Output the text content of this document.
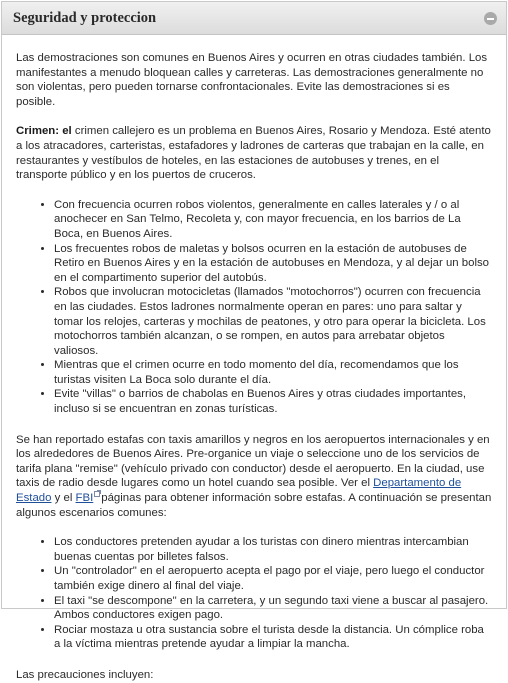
Seguridad y proteccion

Las demostraciones son comunes en Buenos Aires y ocurren en otras ciudades también. Los manifestantes a menudo bloquean calles y carreteras. Las demostraciones generalmente no son violentas, pero pueden tornarse confrontacionales. Evite las demostraciones si es posible.

Crimen: el crimen callejero es un problema en Buenos Aires, Rosario y Mendoza. Esté atento a los atracadores, carteristas, estafadores y ladrones de carteras que trabajan en la calle, en restaurantes y vestíbulos de hoteles, en las estaciones de autobuses y trenes, en el transporte público y en los puertos de cruceros.

• Con frecuencia ocurren robos violentos, generalmente en calles laterales y / o al anochecer en San Telmo, Recoleta y, con mayor frecuencia, en los barrios de La Boca, en Buenos Aires.
• Los frecuentes robos de maletas y bolsos ocurren en la estación de autobuses de Retiro en Buenos Aires y en la estación de autobuses en Mendoza, y al dejar un bolso en el compartimento superior del autobús.
• Robos que involucran motocicletas (llamados "motochorros") ocurren con frecuencia en las ciudades. Estos ladrones normalmente operan en pares: uno para saltar y tomar los relojes, carteras y mochilas de peatones, y otro para operar la bicicleta. Los motochorros también alcanzan, o se rompen, en autos para arrebatar objetos valiosos.
• Mientras que el crimen ocurre en todo momento del día, recomendamos que los turistas visiten La Boca solo durante el día.
• Evite "villas" o barrios de chabolas en Buenos Aires y otras ciudades importantes, incluso si se encuentran en zonas turísticas.

Se han reportado estafas con taxis amarillos y negros en los aeropuertos internacionales y en los alrededores de Buenos Aires. Pre-organice un viaje o seleccione uno de los servicios de tarifa plana "remise" (vehículo privado con conductor) desde el aeropuerto. En la ciudad, use taxis de radio desde lugares como un hotel cuando sea posible. Ver el Departamento de Estado y el FBI páginas para obtener información sobre estafas. A continuación se presentan algunos escenarios comunes:

• Los conductores pretenden ayudar a los turistas con dinero mientras intercambian buenas cuentas por billetes falsos.
• Un "controlador" en el aeropuerto acepta el pago por el viaje, pero luego el conductor también exige dinero al final del viaje.
• El taxi "se descompone" en la carretera, y un segundo taxi viene a buscar al pasajero. Ambos conductores exigen pago.
• Rociar mostaza u otra sustancia sobre el turista desde la distancia. Un cómplice roba a la víctima mientras pretende ayudar a limpiar la mancha.

Las precauciones incluyen:
